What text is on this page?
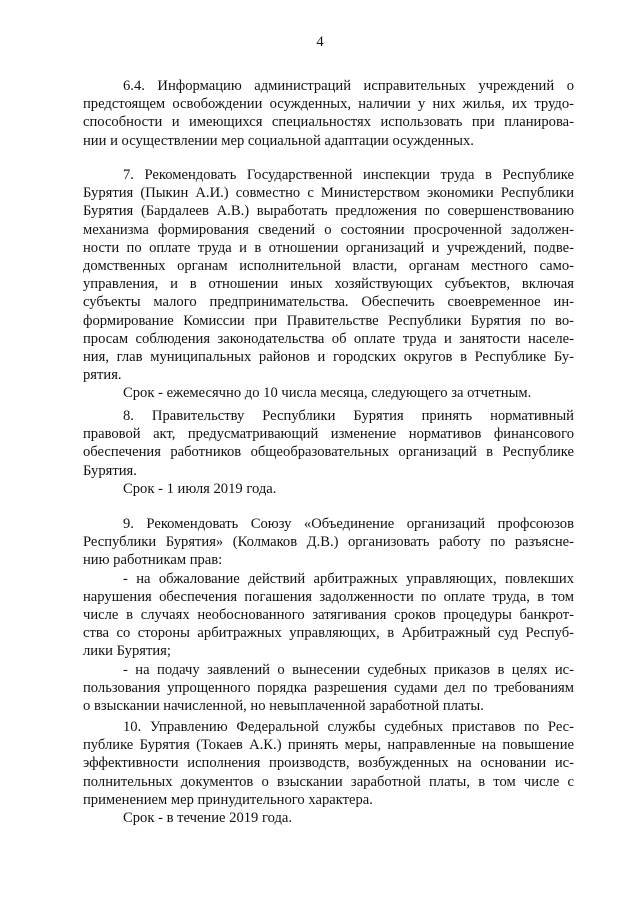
4
6.4. Информацию администраций исправительных учреждений о
предстоящем освобождении осужденных, наличии у них жилья, их трудо-
способности и имеющихся специальностях использовать при планирова-
нии и осуществлении мер социальной адаптации осужденных.
7. Рекомендовать Государственной инспекции труда в Республике
Бурятия (Пыкин А.И.) совместно с Министерством экономики Республики
Бурятия (Бардалеев А.В.) выработать предложения по совершенствованию
механизма формирования сведений о состоянии просроченной задолжен-
ности по оплате труда и в отношении организаций и учреждений, подве-
домственных органам исполнительной власти, органам местного само-
управления, и в отношении иных хозяйствующих субъектов, включая
субъекты малого предпринимательства. Обеспечить своевременное ин-
формирование Комиссии при Правительстве Республики Бурятия по во-
просам соблюдения законодательства об оплате труда и занятости населе-
ния, глав муниципальных районов и городских округов в Республике Бу-
рятия.
Срок - ежемесячно до 10 числа месяца, следующего за отчетным.
8. Правительству Республики Бурятия принять нормативный
правовой акт, предусматривающий изменение нормативов финансового
обеспечения работников общеобразовательных организаций в Республике
Бурятия.
Срок - 1 июля 2019 года.
9. Рекомендовать Союзу «Объединение организаций профсоюзов
Республики Бурятия» (Колмаков Д.В.) организовать работу по разъясне-
нию работникам прав:
- на обжалование действий арбитражных управляющих, повлекших
нарушения обеспечения погашения задолженности по оплате труда, в том
числе в случаях необоснованного затягивания сроков процедуры банкрот-
ства со стороны арбитражных управляющих, в Арбитражный суд Респуб-
лики Бурятия;
- на подачу заявлений о вынесении судебных приказов в целях ис-
пользования упрощенного порядка разрешения судами дел по требованиям
о взыскании начисленной, но невыплаченной заработной платы.
10. Управлению Федеральной службы судебных приставов по Рес-
публике Бурятия (Токаев А.К.) принять меры, направленные на повышение
эффективности исполнения производств, возбужденных на основании ис-
полнительных документов о взыскании заработной платы, в том числе с
применением мер принудительного характера.
Срок - в течение 2019 года.
